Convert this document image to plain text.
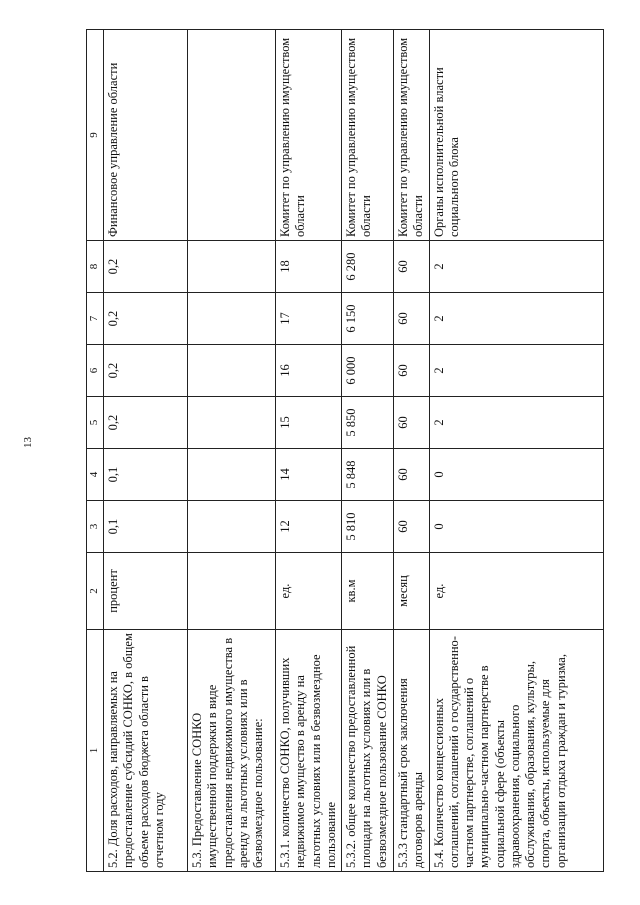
13
1	2	3	4	5	6	7	8	9
5.2. Доля расходов, направляемых на предоставление субсидий СОНКО, в общем объеме расходов бюджета области в отчетном году	процент	0,1	0,1	0,2	0,2	0,2	0,2	Финансовое управление области
5.3. Предоставление СОНКО имущественной поддержки в виде предоставления недвижимого имущества в аренду на льготных условиях или в безвозмездное пользование:								
5.3.1. количество СОНКО, получивших недвижимое имущество в аренду на льготных условиях или в безвозмездное пользование	ед.	12	14	15	16	17	18	Комитет по управлению имуществом области
5.3.2. общее количество предоставленной площади на льготных условиях или в безвозмездное пользование СОНКО	кв.м	5 810	5 848	5 850	6 000	6 150	6 280	Комитет по управлению имуществом области
5.3.3 стандартный срок заключения договоров аренды	месяц	60	60	60	60	60	60	Комитет по управлению имуществом области
5.4. Количество концессионных соглашений, соглашений о государственно-частном партнерстве, соглашений о муниципально-частном партнерстве в социальной сфере (объекты здравоохранения, социального обслуживания, образования, культуры, спорта, объекты, используемые для организации отдыха граждан и туризма,	ед.	0	0	2	2	2	2	Органы исполнительной власти социального блока
